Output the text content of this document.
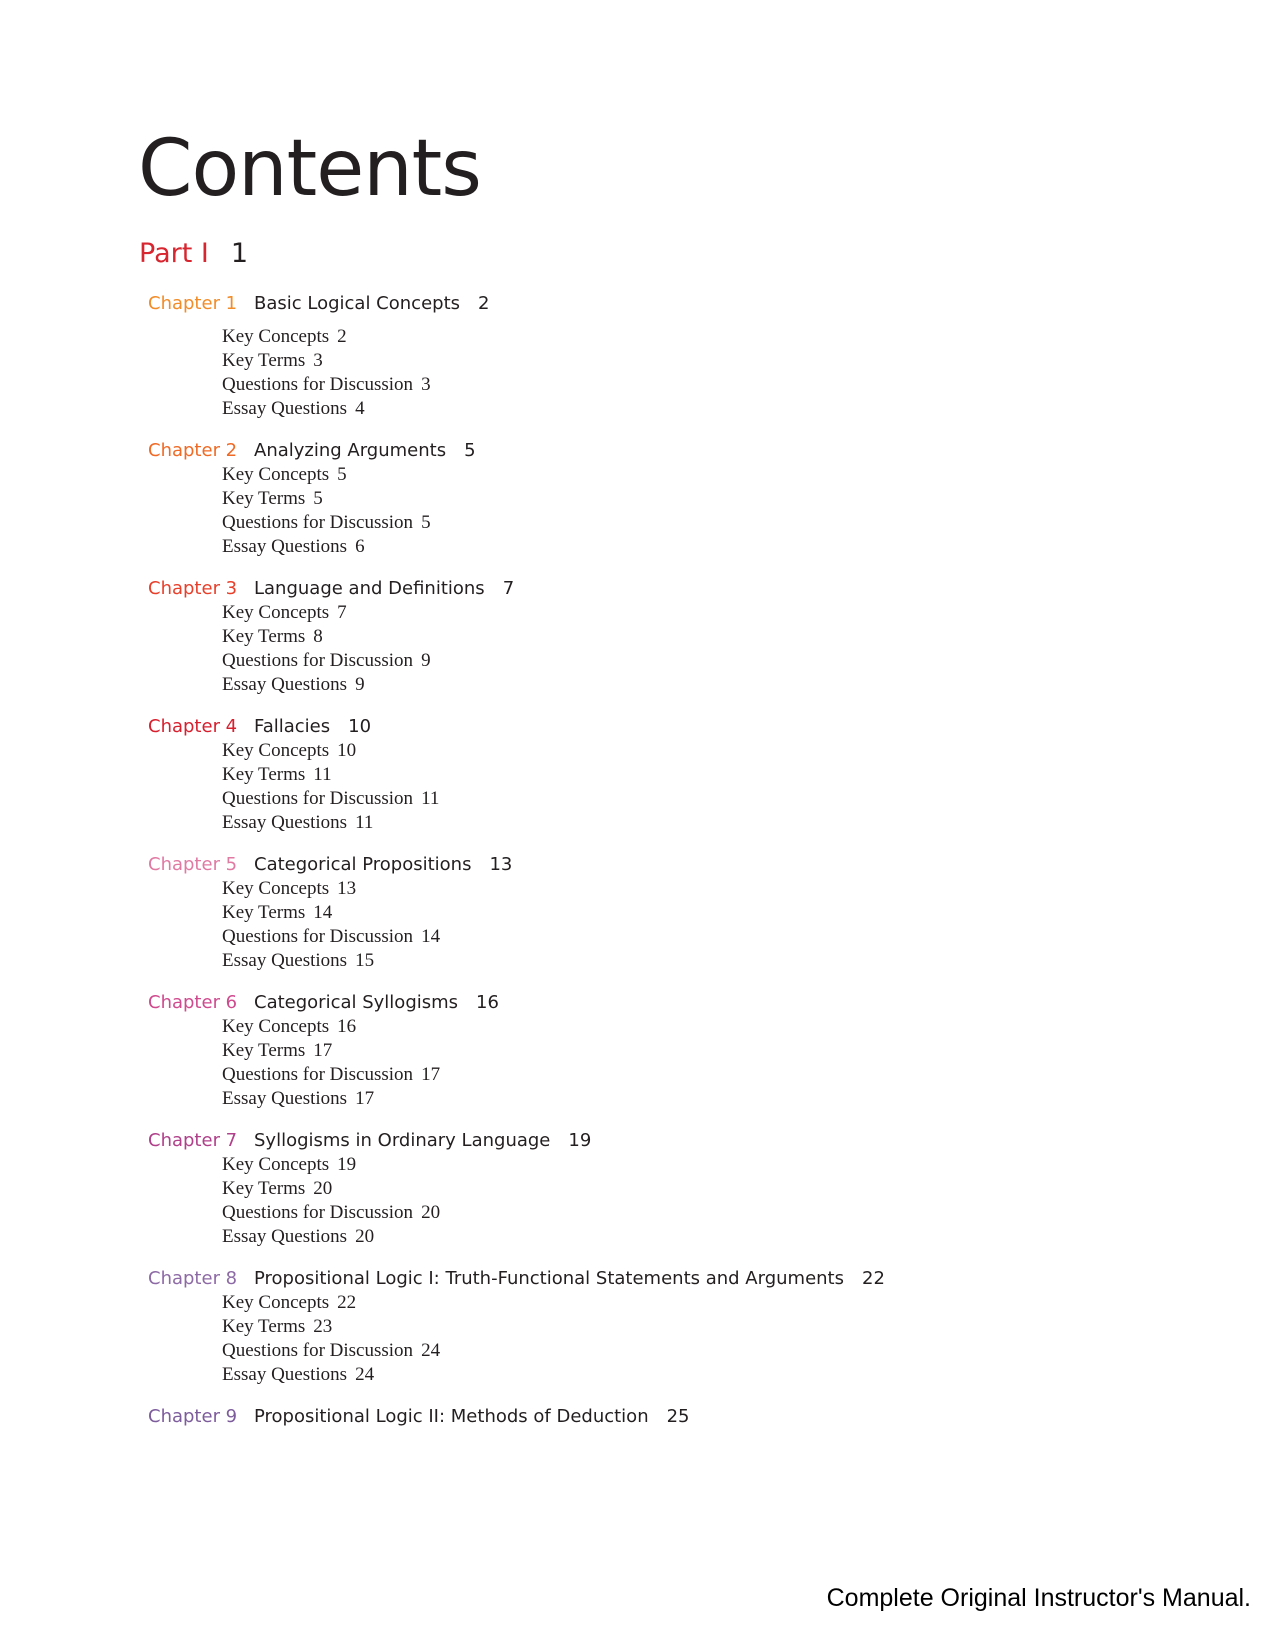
Contents
Part I 1
Chapter 1 Basic Logical Concepts 2
Key Concepts 2
Key Terms 3
Questions for Discussion 3
Essay Questions 4
Chapter 2 Analyzing Arguments 5
Key Concepts 5
Key Terms 5
Questions for Discussion 5
Essay Questions 6
Chapter 3 Language and Definitions 7
Key Concepts 7
Key Terms 8
Questions for Discussion 9
Essay Questions 9
Chapter 4 Fallacies 10
Key Concepts 10
Key Terms 11
Questions for Discussion 11
Essay Questions 11
Chapter 5 Categorical Propositions 13
Key Concepts 13
Key Terms 14
Questions for Discussion 14
Essay Questions 15
Chapter 6 Categorical Syllogisms 16
Key Concepts 16
Key Terms 17
Questions for Discussion 17
Essay Questions 17
Chapter 7 Syllogisms in Ordinary Language 19
Key Concepts 19
Key Terms 20
Questions for Discussion 20
Essay Questions 20
Chapter 8 Propositional Logic I: Truth-Functional Statements and Arguments 22
Key Concepts 22
Key Terms 23
Questions for Discussion 24
Essay Questions 24
Chapter 9 Propositional Logic II: Methods of Deduction 25
Complete Original Instructor's Manual.
